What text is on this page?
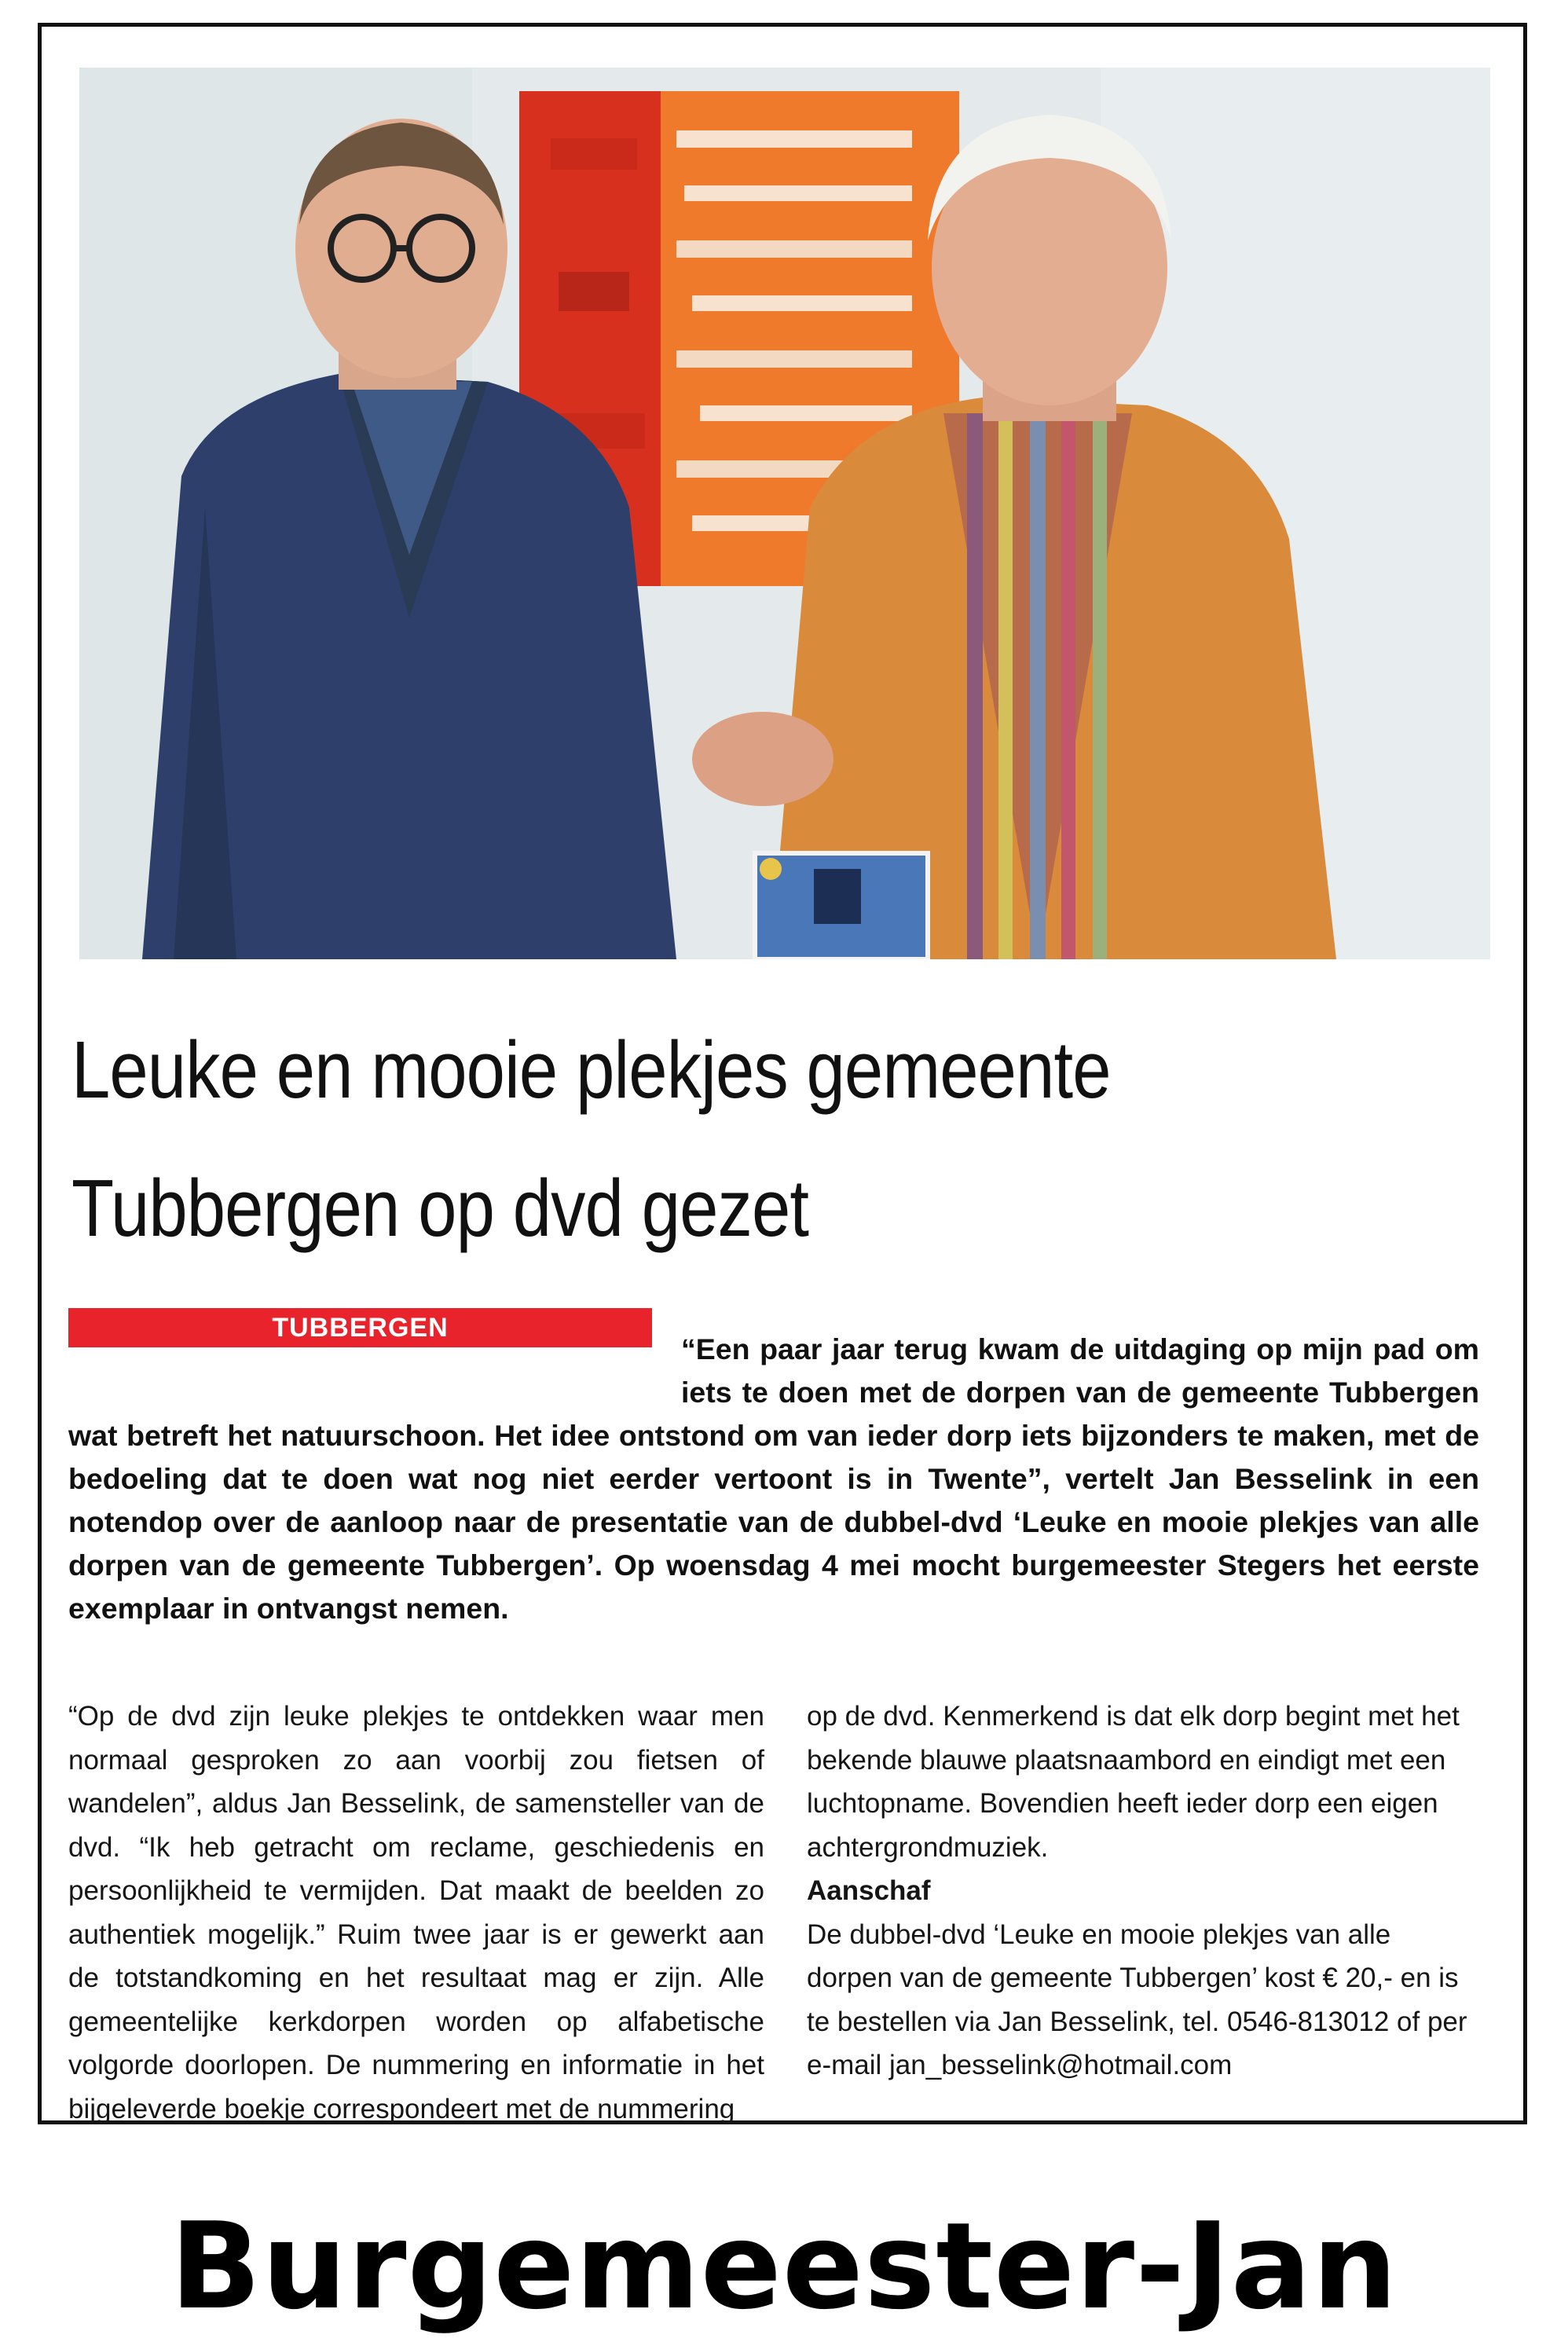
Leuke en mooie plekjes gemeente
Tubbergen op dvd gezet
TUBBERGEN

“Een paar jaar terug kwam de uitdaging op mijn pad om iets te doen met de dorpen van de gemeente Tubbergen wat betreft het natuurschoon. Het idee ontstond om van ieder dorp iets bijzonders te maken, met de bedoeling dat te doen wat nog niet eerder vertoont is in Twente”, vertelt Jan Besselink in een notendop over de aanloop naar de presentatie van de dubbel-dvd ‘Leuke en mooie plekjes van alle dorpen van de gemeente Tubbergen’. Op woensdag 4 mei mocht burgemeester Stegers het eerste exemplaar in ontvangst nemen.

“Op de dvd zijn leuke plekjes te ontdekken waar men normaal gesproken zo aan voorbij zou fietsen of wandelen”, aldus Jan Besselink, de samensteller van de dvd. “Ik heb getracht om reclame, geschiedenis en persoonlijkheid te vermijden. Dat maakt de beelden zo authentiek mogelijk.” Ruim twee jaar is er gewerkt aan de totstandkoming en het resultaat mag er zijn. Alle gemeentelijke kerkdorpen worden op alfabetische volgorde doorlopen. De nummering en informatie in het bijgeleverde boekje correspondeert met de nummering

op de dvd. Kenmerkend is dat elk dorp begint met het bekende blauwe plaatsnaambord en eindigt met een luchtopname. Bovendien heeft ieder dorp een eigen achtergrondmuziek.

Aanschaf

De dubbel-dvd ‘Leuke en mooie plekjes van alle dorpen van de gemeente Tubbergen’ kost € 20,- en is te bestellen via Jan Besselink, tel. 0546-813012 of per e-mail jan_besselink@hotmail.com

Burgemeester-Jan
